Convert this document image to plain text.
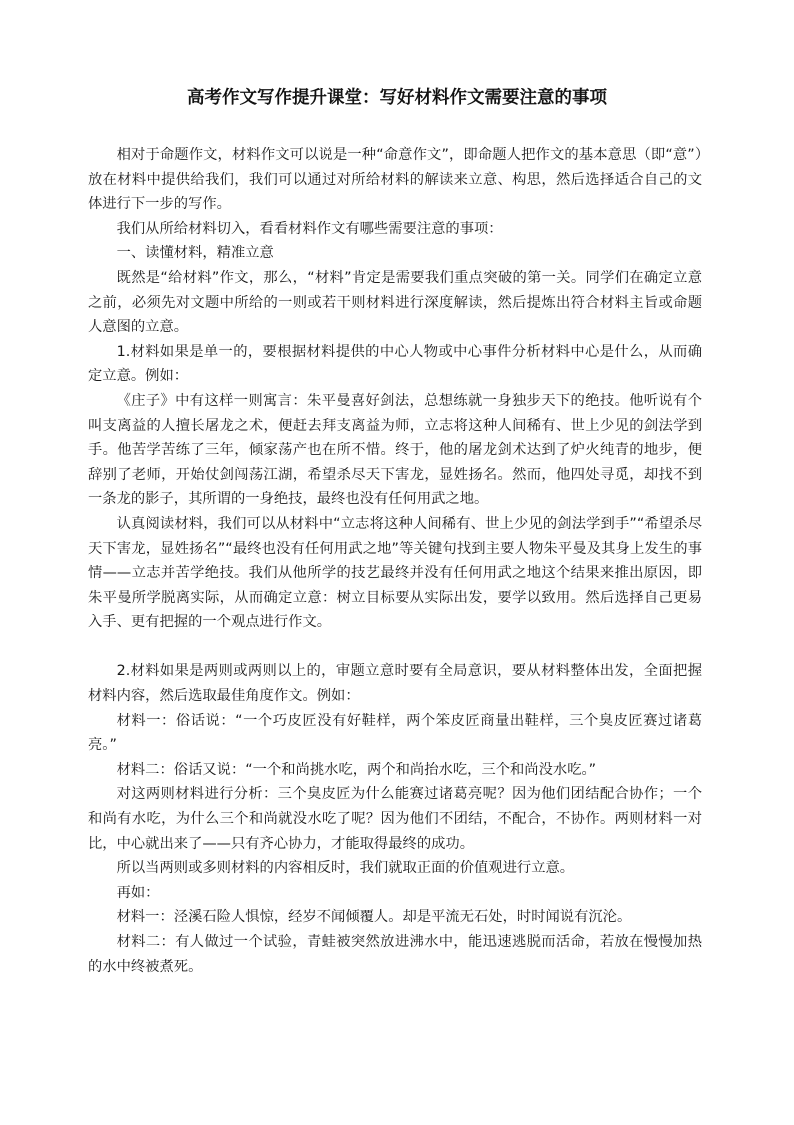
高考作文写作提升课堂：写好材料作文需要注意的事项

相对于命题作文，材料作文可以说是一种“命意作文”，即命题人把作文的基本意思（即“意”）放在材料中提供给我们，我们可以通过对所给材料的解读来立意、构思，然后选择适合自己的文体进行下一步的写作。

我们从所给材料切入，看看材料作文有哪些需要注意的事项：

一、读懂材料，精准立意

既然是“给材料”作文，那么，“材料”肯定是需要我们重点突破的第一关。同学们在确定立意之前，必须先对文题中所给的一则或若干则材料进行深度解读，然后提炼出符合材料主旨或命题人意图的立意。

1.材料如果是单一的，要根据材料提供的中心人物或中心事件分析材料中心是什么，从而确定立意。例如：

《庄子》中有这样一则寓言：朱平曼喜好剑法，总想练就一身独步天下的绝技。他听说有个叫支离益的人擅长屠龙之术，便赶去拜支离益为师，立志将这种人间稀有、世上少见的剑法学到手。他苦学苦练了三年，倾家荡产也在所不惜。终于，他的屠龙剑术达到了炉火纯青的地步，便辞别了老师，开始仗剑闯荡江湖，希望杀尽天下害龙，显姓扬名。然而，他四处寻觅，却找不到一条龙的影子，其所谓的一身绝技，最终也没有任何用武之地。

认真阅读材料，我们可以从材料中“立志将这种人间稀有、世上少见的剑法学到手”“希望杀尽天下害龙，显姓扬名”“最终也没有任何用武之地”等关键句找到主要人物朱平曼及其身上发生的事情——立志并苦学绝技。我们从他所学的技艺最终并没有任何用武之地这个结果来推出原因，即朱平曼所学脱离实际，从而确定立意：树立目标要从实际出发，要学以致用。然后选择自己更易入手、更有把握的一个观点进行作文。

2.材料如果是两则或两则以上的，审题立意时要有全局意识，要从材料整体出发，全面把握材料内容，然后选取最佳角度作文。例如：

材料一：俗话说：“一个巧皮匠没有好鞋样，两个笨皮匠商量出鞋样，三个臭皮匠赛过诸葛亮。”

材料二：俗话又说：“一个和尚挑水吃，两个和尚抬水吃，三个和尚没水吃。”

对这两则材料进行分析：三个臭皮匠为什么能赛过诸葛亮呢？因为他们团结配合协作；一个和尚有水吃，为什么三个和尚就没水吃了呢？因为他们不团结，不配合，不协作。两则材料一对比，中心就出来了——只有齐心协力，才能取得最终的成功。

所以当两则或多则材料的内容相反时，我们就取正面的价值观进行立意。

再如：

材料一：泾溪石险人惧惊，经岁不闻倾覆人。却是平流无石处，时时闻说有沉沦。

材料二：有人做过一个试验，青蛙被突然放进沸水中，能迅速逃脱而活命，若放在慢慢加热的水中终被煮死。
